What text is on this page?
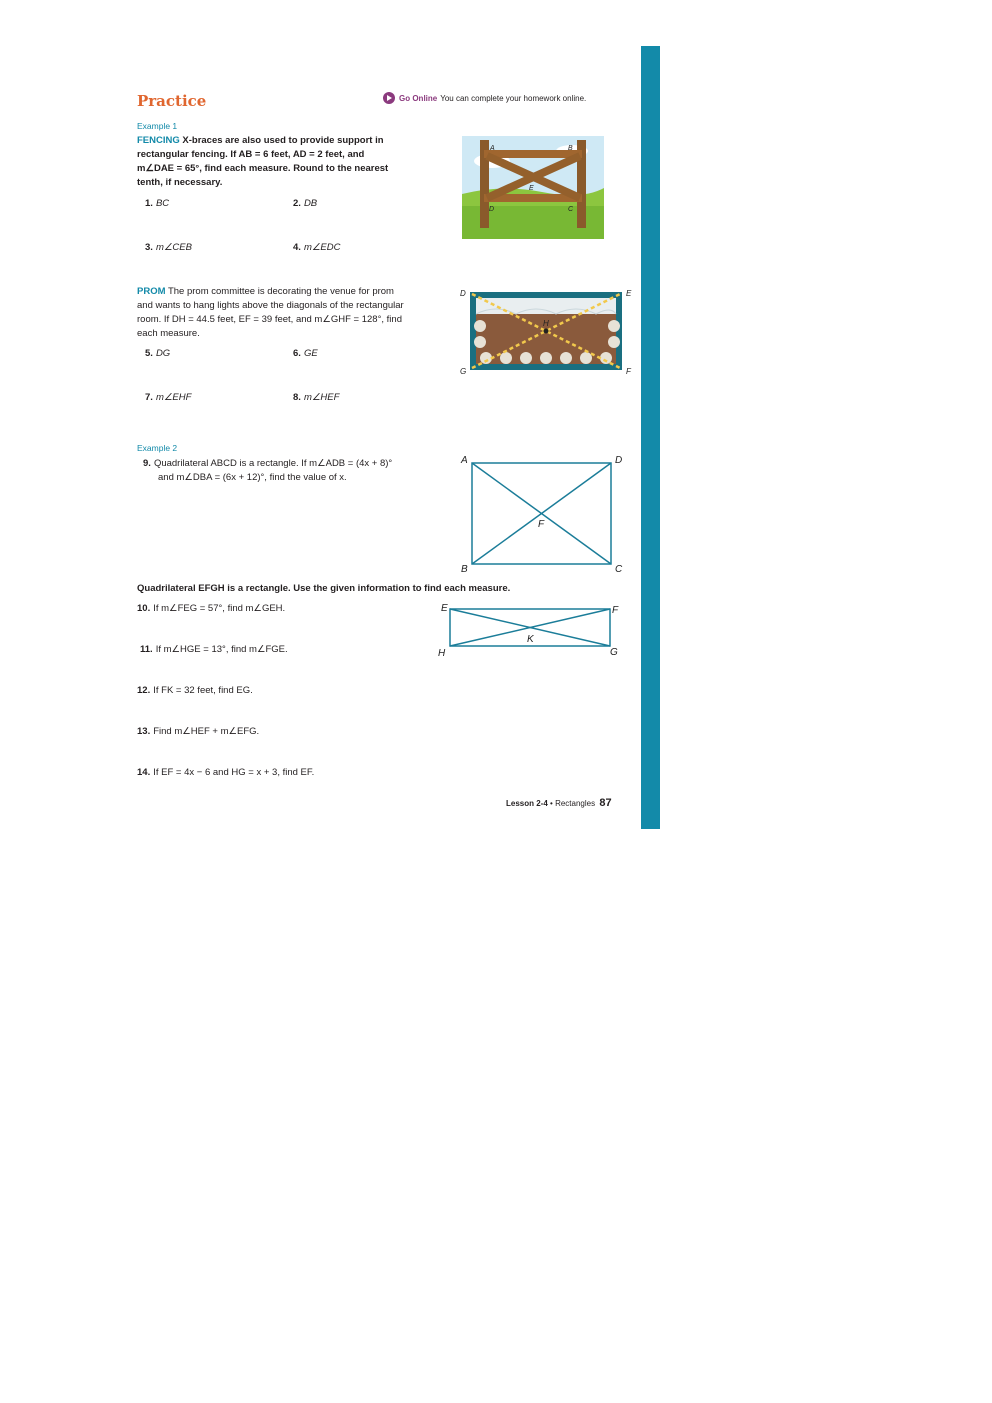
Practice	Go Online You can complete your homework online.
Example 1
FENCING X-braces are also used to provide support in
rectangular fencing. If AB = 6 feet, AD = 2 feet, and
m∠DAE = 65°, find each measure. Round to the nearest
tenth, if necessary.
A	B
C
D
E
1. BC	2. DB
3. m∠CEB	4. m∠EDC
PROM The prom committee is decorating the venue for prom
and wants to hang lights above the diagonals of the rectangular
room. If DH = 44.5 feet, EF = 39 feet, and m∠GHF = 128°, find
each measure.
D	E
F
G
H
5. DG	6. GE
7. m∠EHF	8. m∠HEF
Example 2
9. Quadrilateral ABCD is a rectangle. If m∠ADB = (4x + 8)°
and m∠DBA = (6x + 12)°, find the value of x.
A	D
B	C
F
Quadrilateral EFGH is a rectangle. Use the given information to find each measure.
E	F
G
H
K
10. If m∠FEG = 57°, find m∠GEH.
11. If m∠HGE = 13°, find m∠FGE.
12. If FK = 32 feet, find EG.
13. Find m∠HEF + m∠EFG.
14. If EF = 4x − 6 and HG = x + 3, find EF.
Lesson 2-4 • Rectangles 87
